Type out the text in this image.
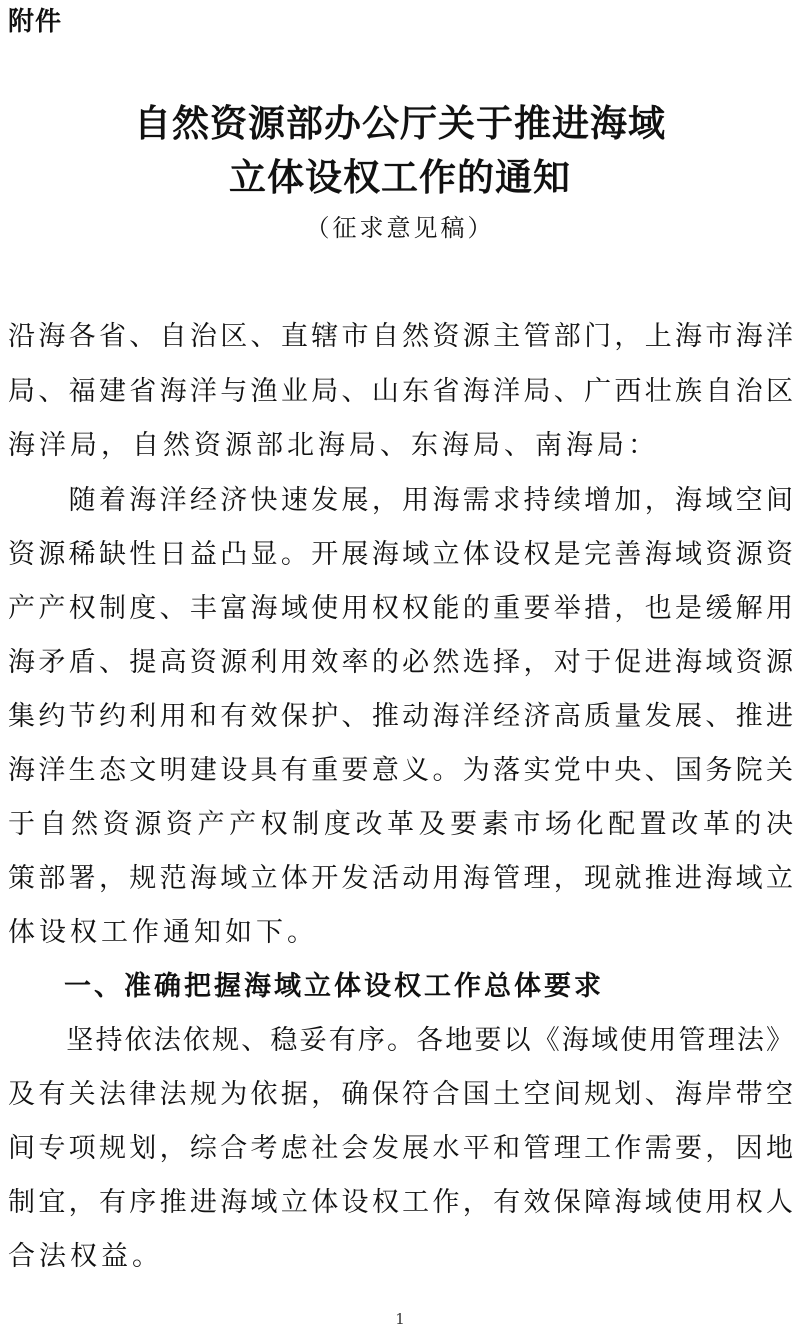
附件
自然资源部办公厅关于推进海域
立体设权工作的通知
（征求意见稿）
沿海各省、自治区、直辖市自然资源主管部门，上海市海洋
局、福建省海洋与渔业局、山东省海洋局、广西壮族自治区
海洋局，自然资源部北海局、东海局、南海局：
　　随着海洋经济快速发展，用海需求持续增加，海域空间
资源稀缺性日益凸显。开展海域立体设权是完善海域资源资
产产权制度、丰富海域使用权权能的重要举措，也是缓解用
海矛盾、提高资源利用效率的必然选择，对于促进海域资源
集约节约利用和有效保护、推动海洋经济高质量发展、推进
海洋生态文明建设具有重要意义。为落实党中央、国务院关
于自然资源资产产权制度改革及要素市场化配置改革的决
策部署，规范海域立体开发活动用海管理，现就推进海域立
体设权工作通知如下。
一、准确把握海域立体设权工作总体要求
　　坚持依法依规、稳妥有序。各地要以《海域使用管理法》
及有关法律法规为依据，确保符合国土空间规划、海岸带空
间专项规划，综合考虑社会发展水平和管理工作需要，因地
制宜，有序推进海域立体设权工作，有效保障海域使用权人
合法权益。
1
